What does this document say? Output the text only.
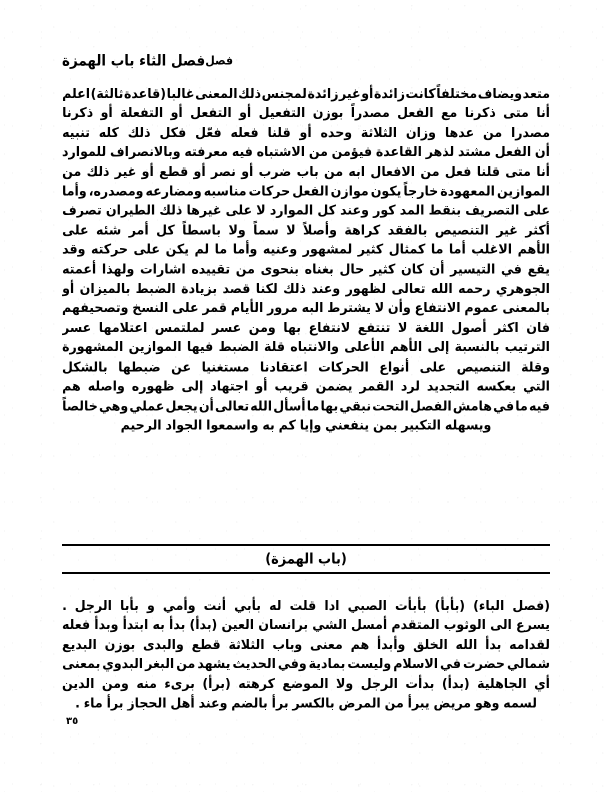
فصل الثاء باب الهمزة فصل
متعد
ويضاف
مختلفاً
كانت
زائدة
أو
غير
زائدة
لمجنس
ذلك
المعنى
غالبا
(قاعدة
ثالثة)
اعلم
أنا
متى
ذكرنا
مع
الفعل
مصدراً
بوزن
التفعيل
أو
التفعل
أو
التفعلة
أو
ذكرنا
مصدرا
من
عدها
وزان
الثلاثة
وحده
أو
قلنا
فعله
فعّل
فكل
ذلك
كله
تنبيه
أن
الفعل
مشتد
لذهر
القاعدة
فيؤمن
من
الاشتباه
فيه
معرفته
وبالانصراف
للموارد
أنا
متى
قلنا
فعل
من
الافعال
ابه
من
باب
ضرب
أو
نصر
أو
قطع
أو
غير
ذلك
من
الموازين
المعهودة
خارجاً
يكون
موازن
الفعل
حركات
مناسبه
ومضارعه
ومصدره،
وأما
على
التصريف
بنقط
المد
كور
وعند
كل
الموارد
لا
على
غيرها
ذلك
الطيران
تصرف
أكثر
غير
التنصيص
بالفقد
كراهة
وأصلاً
لا
سماً
ولا
باسطاً
كل
أمر
شئه
على
الأهم
الاغلب
أما
ما
كمثال
كثير
لمشهور
وعنيه
وأما
ما
لم
يكن
على
حركته
وقد
يقع
في
التيسير
أن
كان
كثير
حال
بغناه
بنحوى
من
تقييده
اشارات
ولهذا
أعمته
الجوهري
رحمه
الله
تعالى
لظهور
وعند
ذلك
لكنا
قصد
بزيادة
الضبط
بالميزان
أو
بالمعنى
عموم
الانتفاع
وأن
لا
يشترط
البه
مرور
الأيام
قمر
على
النسخ
وتصحيفهم
فان
اكثر
أصول
اللغة
لا
تنتفع
لانتفاع
بها
ومن
عسر
لملتمس
اعتلامها
عسر
الترتيب
بالنسبة
إلى
الأهم
الأعلى
والانتباه
قلة
الضبط
فيها
الموازين
المشهورة
وقلة
التنصيص
على
أنواع
الحركات
اعتقادنا
مستغنيا
عن
ضبطها
بالشكل
التي
بعكسه
التجديد
لرد
القمر
يضمن
قريب
أو
اجتهاد
إلى
ظهوره
واصله
هم
فيه
ما
في
هامش
الفصل
التحت
نبقي
بها
ما
أسأل
الله
تعالى
أن
يجعل
عملي
وهي
خالصاً
ويسهله التكبير بمن ينفعني وإيا كم به واسمعوا الجواد الرحيم
(باب الهمزة)
(فصل
الباء)
(بأبأ)
بأبأت
الصبي
ادا
قلت
له
بأبي
أنت
وأمي
و
بأبا
الرجل
.
يسرع
الى
الوثوب
المتقدم
أمسل
الشي
برانسان
العين
(بدأ)
بدأ
به
ابتدأ
وبدأ
فعله
لقدامه
بدأ
الله
الخلق
وأبدأ
هم
معنى
وباب
الثلاثة
قطع
والبدى
بوزن
البديع
شمالي
حضرت
في
الاسلام
وليست
بمادية
وفي
الحديث
يشهد
من
البغر
البدوي
بمعنى
أي
الجاهلية
(بدأ)
بدأت
الرجل
ولا
الموضع
كرهته
(برأ)
برىء
منه
ومن
الدين
لسمه وهو مريض يبرأ من المرض بالكسر برأ بالضم وعند أهل الحجاز برأ ماء .
٣٥
